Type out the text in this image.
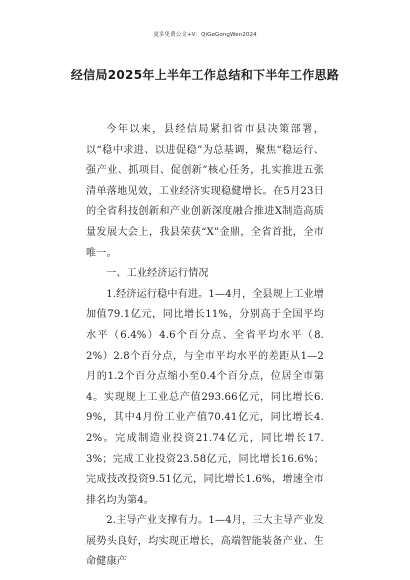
更多免费公文+V：QiGeGongWen2024
经信局2025年上半年工作总结和下半年工作思路

今年以来，县经信局紧扣省市县决策部署，以“稳中求进、以进促稳”为总基调，聚焦“稳运行、强产业、抓项目、促创新”核心任务，扎实推进五张清单落地见效，工业经济实现稳健增长。在5月23日的全省科技创新和产业创新深度融合推进X制造高质量发展大会上，我县荣获“X”金鼎，全省首批，全市唯一。

一、工业经济运行情况

1.经济运行稳中有进。1—4月，全县规上工业增加值79.1亿元，同比增长11%，分别高于全国平均水平（6.4%）4.6个百分点、全省平均水平（8.2%）2.8个百分点，与全市平均水平的差距从1—2月的1.2个百分点缩小至0.4个百分点，位居全市第4。实现规上工业总产值293.66亿元，同比增长6.9%，其中4月份工业产值70.41亿元，同比增长4.2%。完成制造业投资21.74亿元，同比增长17.3%；完成工业投资23.58亿元，同比增长16.6%；完成技改投资9.51亿元，同比增长1.6%，增速全市排名均为第4。

2.主导产业支撑有力。1—4月，三大主导产业发展势头良好，均实现正增长，高端智能装备产业、生命健康产
